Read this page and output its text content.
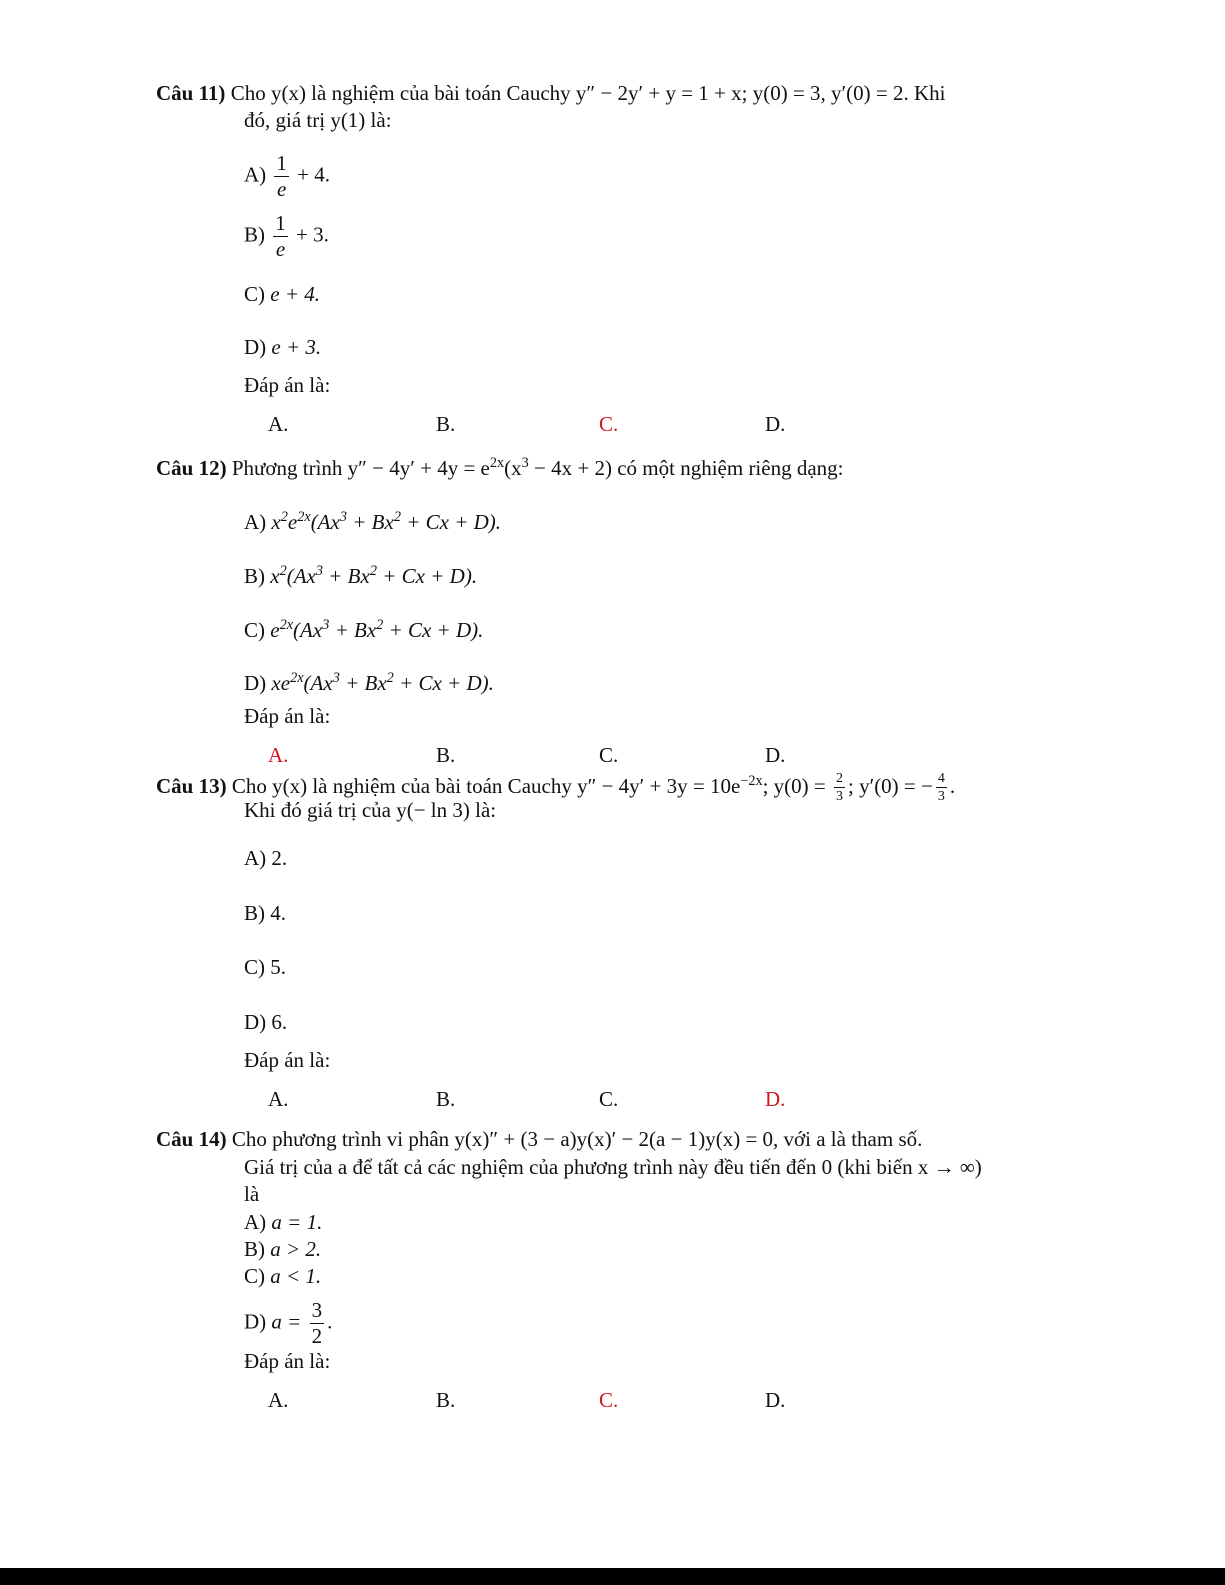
Câu 11) Cho y(x) là nghiệm của bài toán Cauchy y″ − 2y′ + y = 1 + x; y(0) = 3, y′(0) = 2. Khi
đó, giá trị y(1) là:
$A) \frac{1}{e} + 4$.
$B) \frac{1}{e} + 3$.
C) e + 4.
D) e + 3.
Đáp án là:
A.	B.	C.	D.
Câu 12) Phương trình $y'' - 4y' + 4y = e^{2x}(x^3 - 4x + 2)$ có một nghiệm riêng dạng:
A) $x^2e^{2x}(Ax^3 + Bx^2 + Cx + D)$.
B) $x^2(Ax^3 + Bx^2 + Cx + D)$.
C) $e^{2x}(Ax^3 + Bx^2 + Cx + D)$.
D) $xe^{2x}(Ax^3 + Bx^2 + Cx + D)$.
Đáp án là:
A.	B.	C.	D.
Câu 13) Cho y(x) là nghiệm của bài toán Cauchy $y'' - 4y' + 3y = 10e^{-2x}$; $y(0) = \frac{2}{3}$ ; y′(0) = − $\frac{4}{3}$ .
Khi đó giá trị của y(− ln 3) là:
A) 2.
B) 4.
C) 5.
D) 6.
Đáp án là:
A.	B.	C.	D.
Câu 14) Cho phương trình vi phân y(x)″ + (3 − a)y(x)′ − 2(a − 1)y(x) = 0, với a là tham số.
Giá trị của a để tất cả các nghiệm của phương trình này đều tiến đến 0 (khi biến x → ∞)
là
A) a = 1.
B) a > 2.
C) a < 1.
D) $a = \frac{3}{2}$ .
Đáp án là:
A.	B.	C.	D.
